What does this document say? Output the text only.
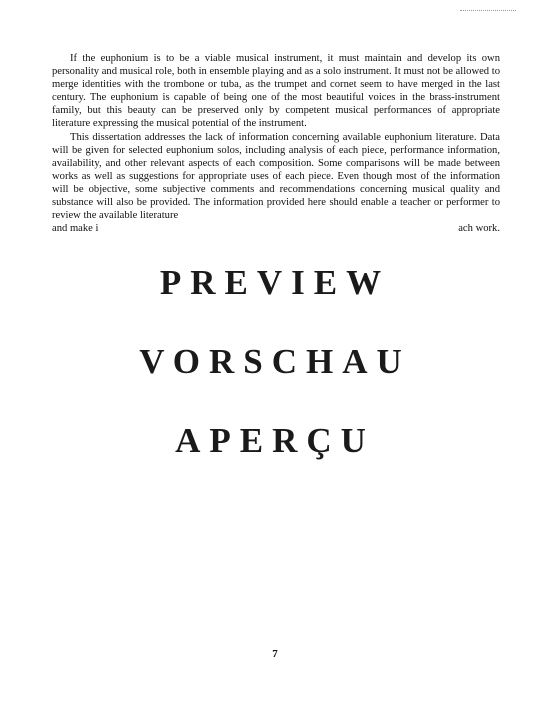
If the euphonium is to be a viable musical instrument, it must maintain and develop its own personality and musical role, both in ensemble playing and as a solo instrument. It must not be allowed to merge identities with the trombone or tuba, as the trumpet and cornet seem to have merged in the last century. The euphonium is capable of being one of the most beautiful voices in the brass-instrument family, but this beauty can be preserved only by competent musical performances of appropriate literature expressing the musical potential of the instrument.

This dissertation addresses the lack of information concerning available euphonium literature. Data will be given for selected euphonium solos, including analysis of each piece, performance information, availability, and other relevant aspects of each composition. Some comparisons will be made between works as well as suggestions for appropriate uses of each piece. Even though most of the information will be objective, some subjective comments and recommendations concerning musical quality and substance will also be provided. The information provided here should enable a teacher or performer to review the available literature

and make i	ach work.
PREVIEW
VORSCHAU
APERÇU
7
